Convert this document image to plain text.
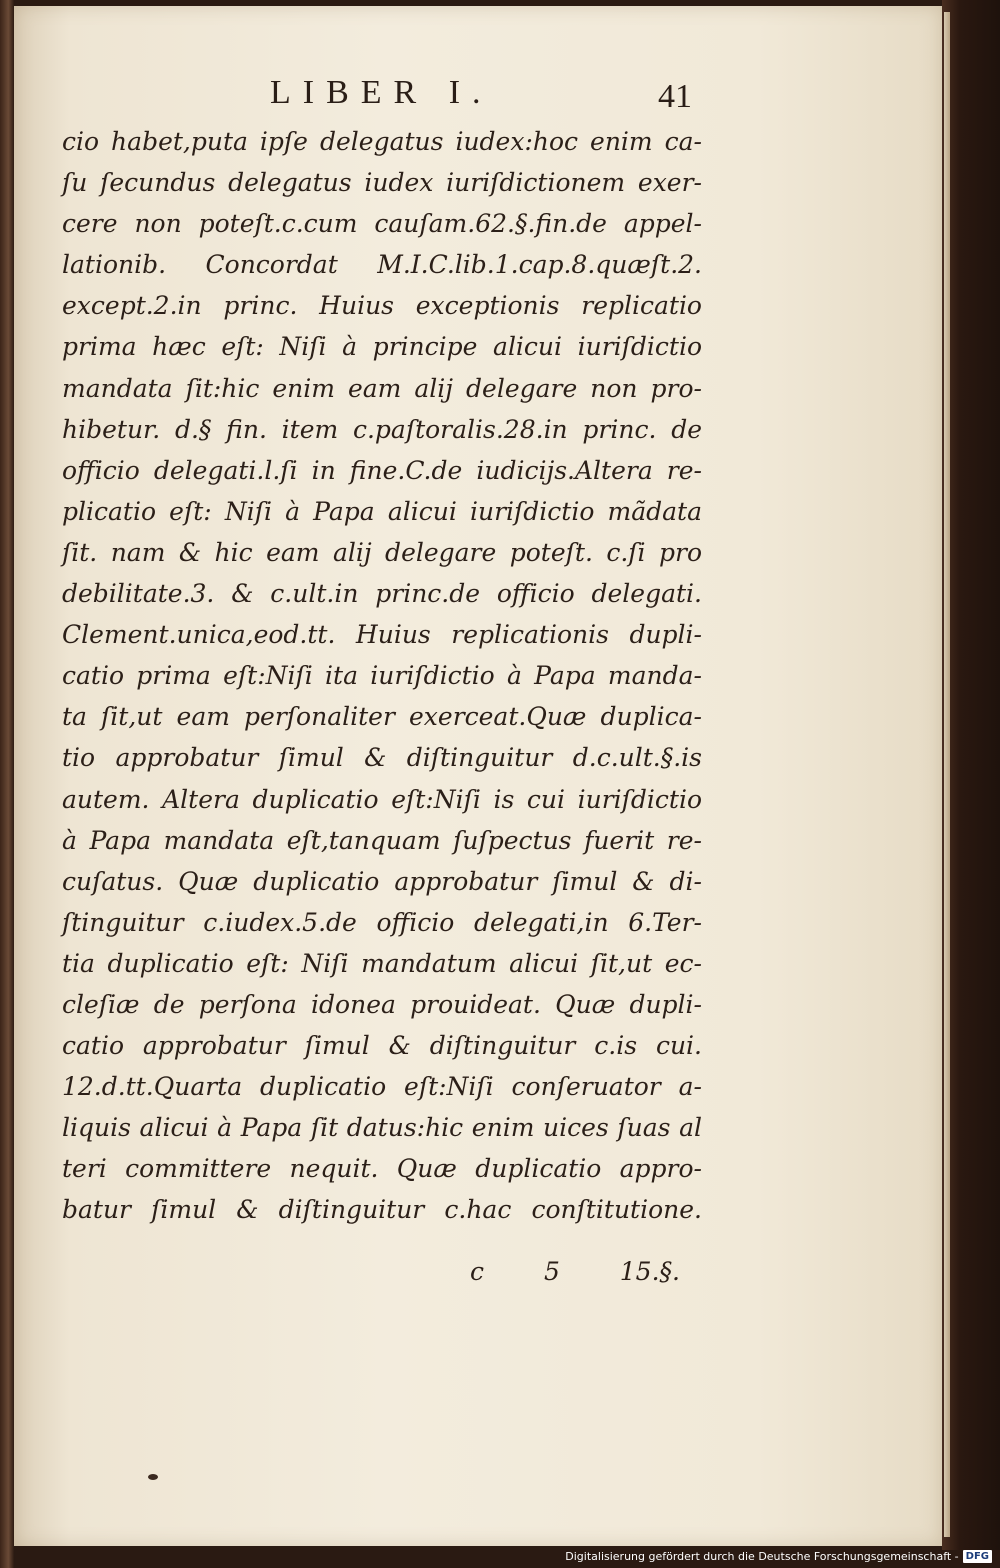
LIBER I.	41
cio habet,puta ipſe delegatus iudex:hoc enim ca-
ſu ſecundus delegatus iudex iuriſdictionem exer-
cere non poteſt.c.cum cauſam.62.§.fin.de appel-
lationib. Concordat M.I.C.lib.1.cap.8.quæſt.2.
except.2.in princ. Huius exceptionis replicatio
prima hæc eſt: Niſi à principe alicui iuriſdictio
mandata ſit:hic enim eam alij delegare non pro-
hibetur. d.§ fin. item c.paſtoralis.28.in princ. de
officio delegati.l.ſi in fine.C.de iudicijs.Altera re-
plicatio eſt: Niſi à Papa alicui iuriſdictio mãdata
ſit. nam & hic eam alij delegare poteſt. c.ſi pro
debilitate.3. & c.ult.in princ.de officio delegati.
Clement.unica,eod.tt. Huius replicationis dupli-
catio prima eſt:Niſi ita iuriſdictio à Papa manda-
ta ſit,ut eam perſonaliter exerceat.Quæ duplica-
tio approbatur ſimul & diſtinguitur d.c.ult.§.is
autem. Altera duplicatio eſt:Niſi is cui iuriſdictio
à Papa mandata eſt,tanquam ſuſpectus fuerit re-
cuſatus. Quæ duplicatio approbatur ſimul & di-
ſtinguitur c.iudex.5.de officio delegati,in 6.Ter-
tia duplicatio eſt: Niſi mandatum alicui ſit,ut ec-
cleſiæ de perſona idonea prouideat. Quæ dupli-
catio approbatur ſimul & diſtinguitur c.is cui.
12.d.tt.Quarta duplicatio eſt:Niſi conſeruator a-
liquis alicui à Papa ſit datus:hic enim uices ſuas al
teri committere nequit. Quæ duplicatio appro-
batur ſimul & diſtinguitur c.hac conſtitutione.
c 5 15.§.
Digitalisierung gefördert durch die Deutsche Forschungsgemeinschaft - DFG
